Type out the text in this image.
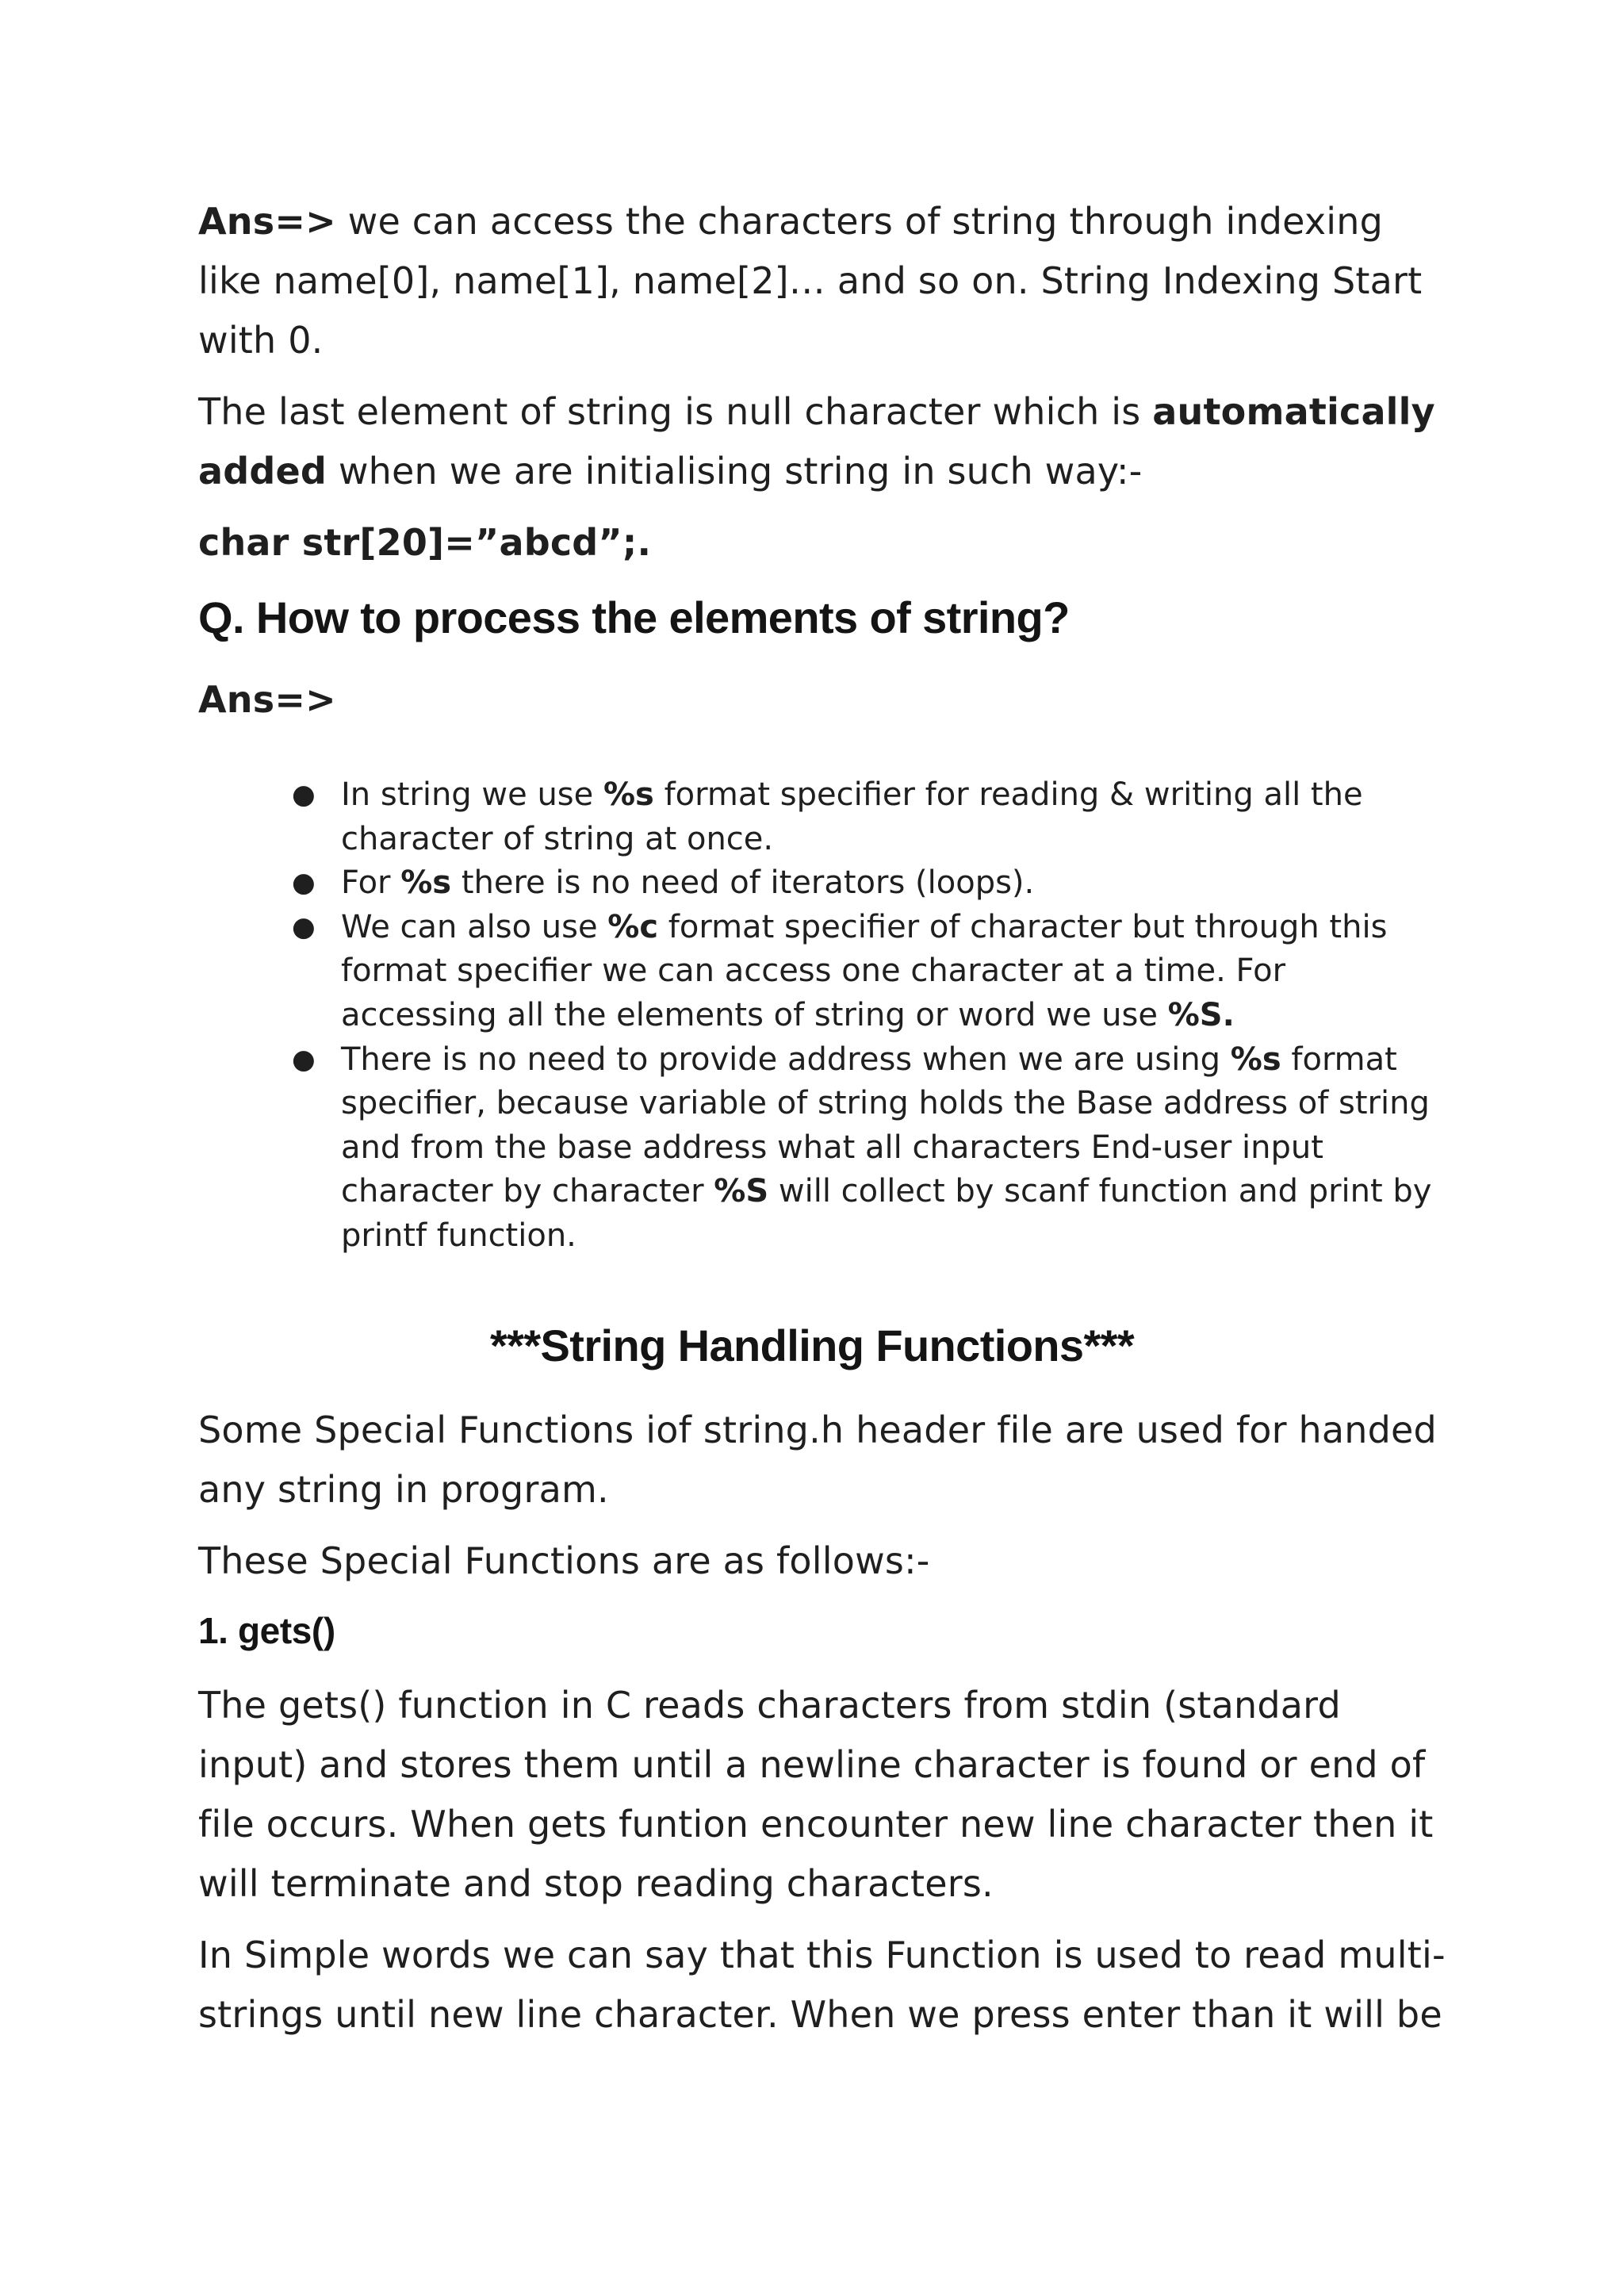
Ans=> we can access the characters of string through indexing like name[0], name[1], name[2]… and so on. String Indexing Start with 0.

The last element of string is null character which is automatically added when we are initialising string in such way:-

char str[20]=”abcd”;.

Q. How to process the elements of string?

Ans=>

● In string we use %s format specifier for reading & writing all the character of string at once.
● For %s there is no need of iterators (loops).
● We can also use %c format specifier of character but through this format specifier we can access one character at a time. For accessing all the elements of string or word we use %S.
● There is no need to provide address when we are using %s format specifier, because variable of string holds the Base address of string and from the base address what all characters End-user input character by character %S will collect by scanf function and print by printf function.
***String Handling Functions***

Some Special Functions iof string.h header file are used for handed any string in program.

These Special Functions are as follows:-

1. gets()

The gets() function in C reads characters from stdin (standard input) and stores them until a newline character is found or end of file occurs. When gets funtion encounter new line character then it will terminate and stop reading characters.

In Simple words we can say that this Function is used to read multi-strings until new line character. When we press enter than it will be
